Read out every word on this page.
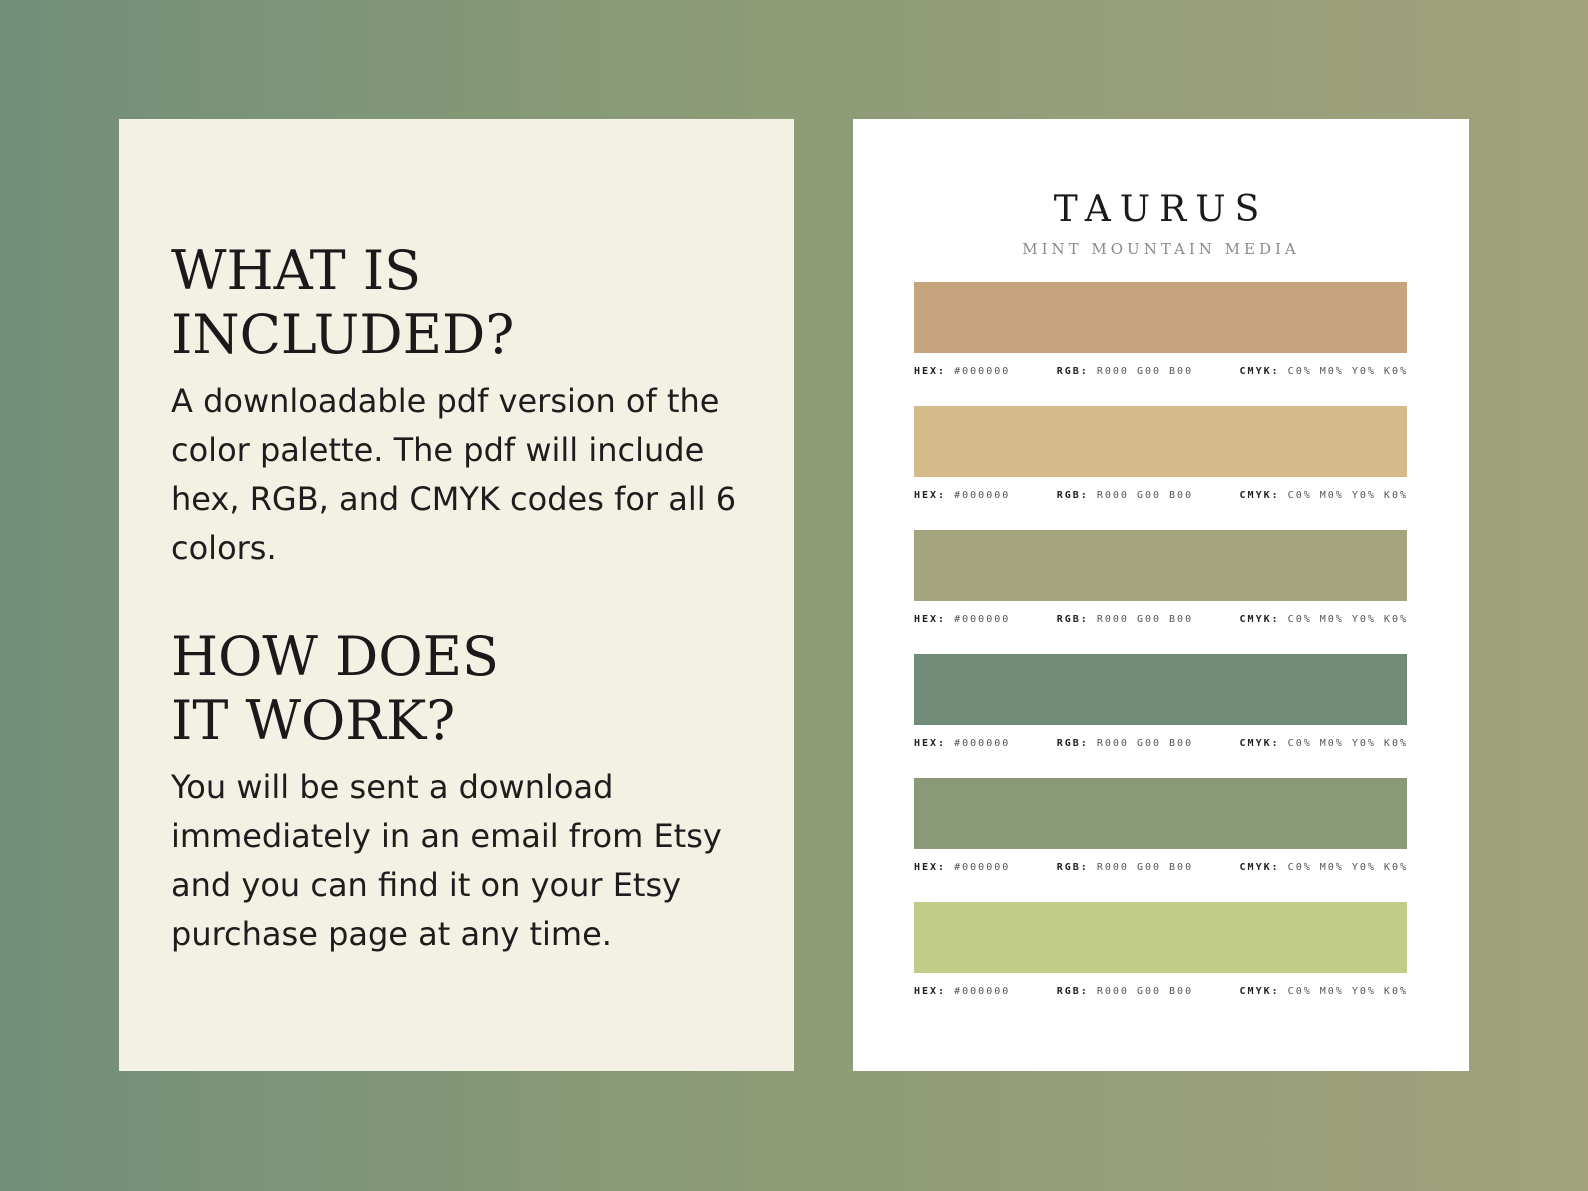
WHAT IS
INCLUDED?

A downloadable pdf version of the color palette. The pdf will include hex, RGB, and CMYK codes for all 6 colors.

HOW DOES
IT WORK?

You will be sent a download immediately in an email from Etsy and you can find it on your Etsy purchase page at any time.

TAURUS
MINT MOUNTAIN MEDIA
HEX: #000000	RGB: R000 G00 B00	CMYK: C0% M0% Y0% K0%
HEX: #000000	RGB: R000 G00 B00	CMYK: C0% M0% Y0% K0%
HEX: #000000	RGB: R000 G00 B00	CMYK: C0% M0% Y0% K0%
HEX: #000000	RGB: R000 G00 B00	CMYK: C0% M0% Y0% K0%
HEX: #000000	RGB: R000 G00 B00	CMYK: C0% M0% Y0% K0%
HEX: #000000	RGB: R000 G00 B00	CMYK: C0% M0% Y0% K0%
